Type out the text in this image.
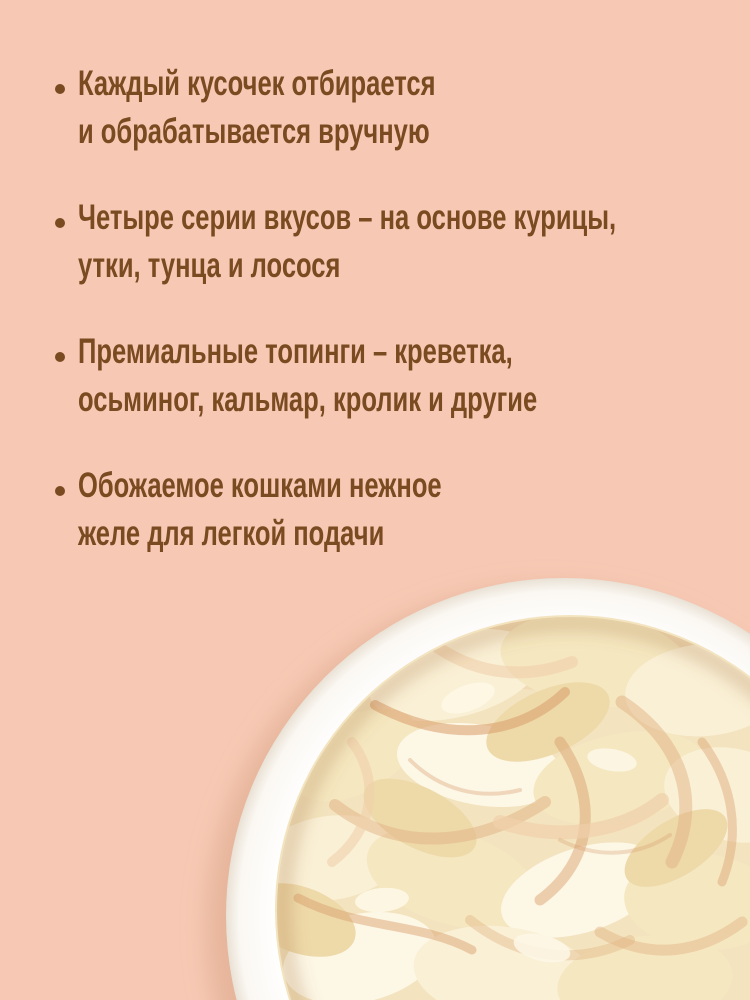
Каждый кусочек отбирается
и обрабатывается вручную
Четыре серии вкусов – на основе курицы,
утки, тунца и лосося
Премиальные топинги – креветка,
осьминог, кальмар, кролик и другие
Обожаемое кошками нежное
желе для легкой подачи
